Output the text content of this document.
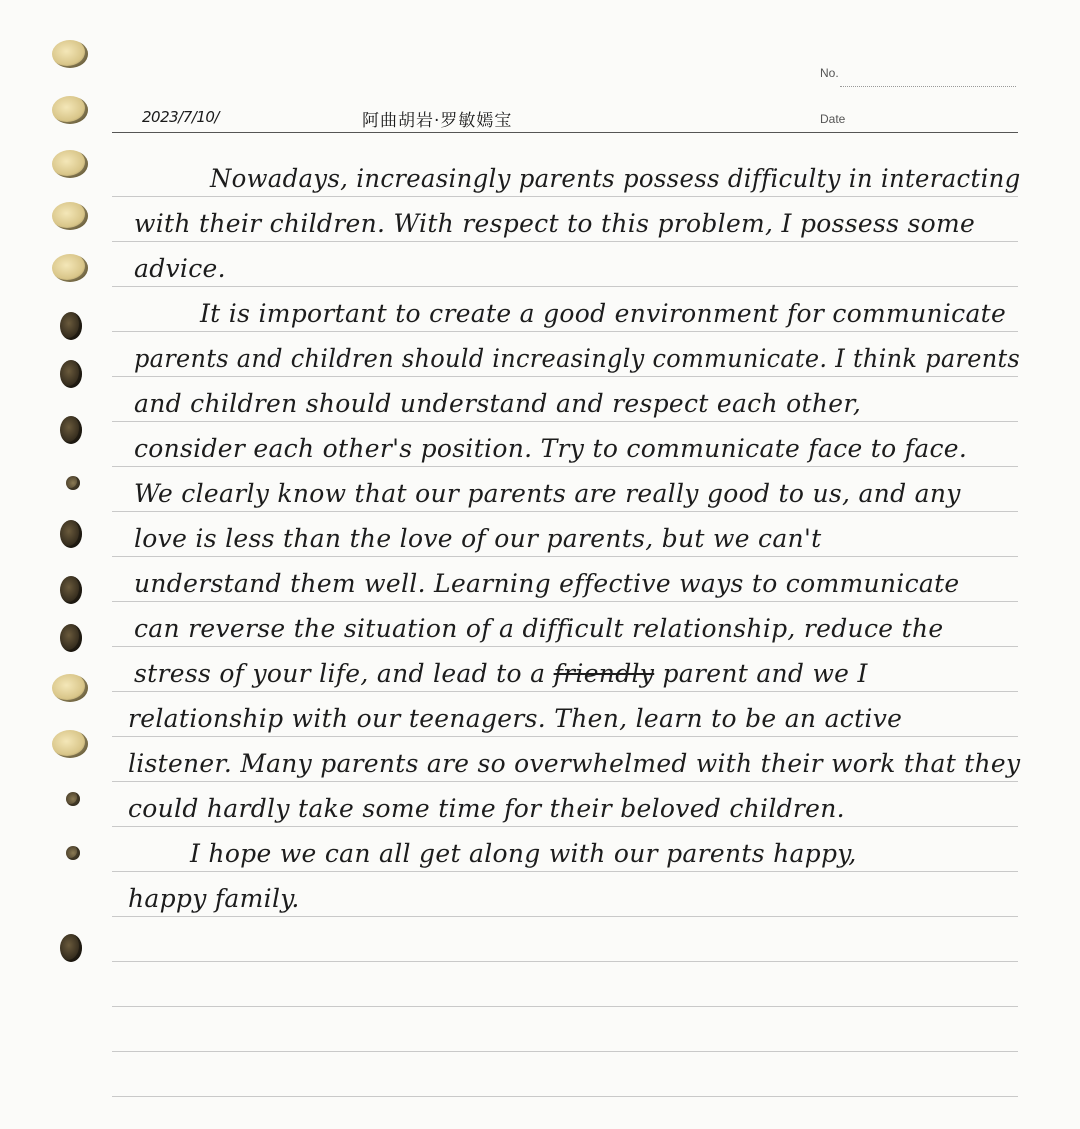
No.
Date
2023/7/10/	阿曲胡岩·罗敏嫣宝
Nowadays, increasingly parents possess difficulty in interacting
with their children. With respect to this problem, I possess some
advice.
It is important to create a good environment for communicate
parents and children should increasingly communicate. I think parents
and children should understand and respect each other,
consider each other's position. Try to communicate face to face.
We clearly know that our parents are really good to us, and any
love is less than the love of our parents, but we can't
understand them well. Learning effective ways to communicate
can reverse the situation of a difficult relationship, reduce the
stress of your life, and lead to a friendly parent and we I
relationship with our teenagers. Then, learn to be an active
listener. Many parents are so overwhelmed with their work that they
could hardly take some time for their beloved children.
I hope we can all get along with our parents happy,
happy family.
